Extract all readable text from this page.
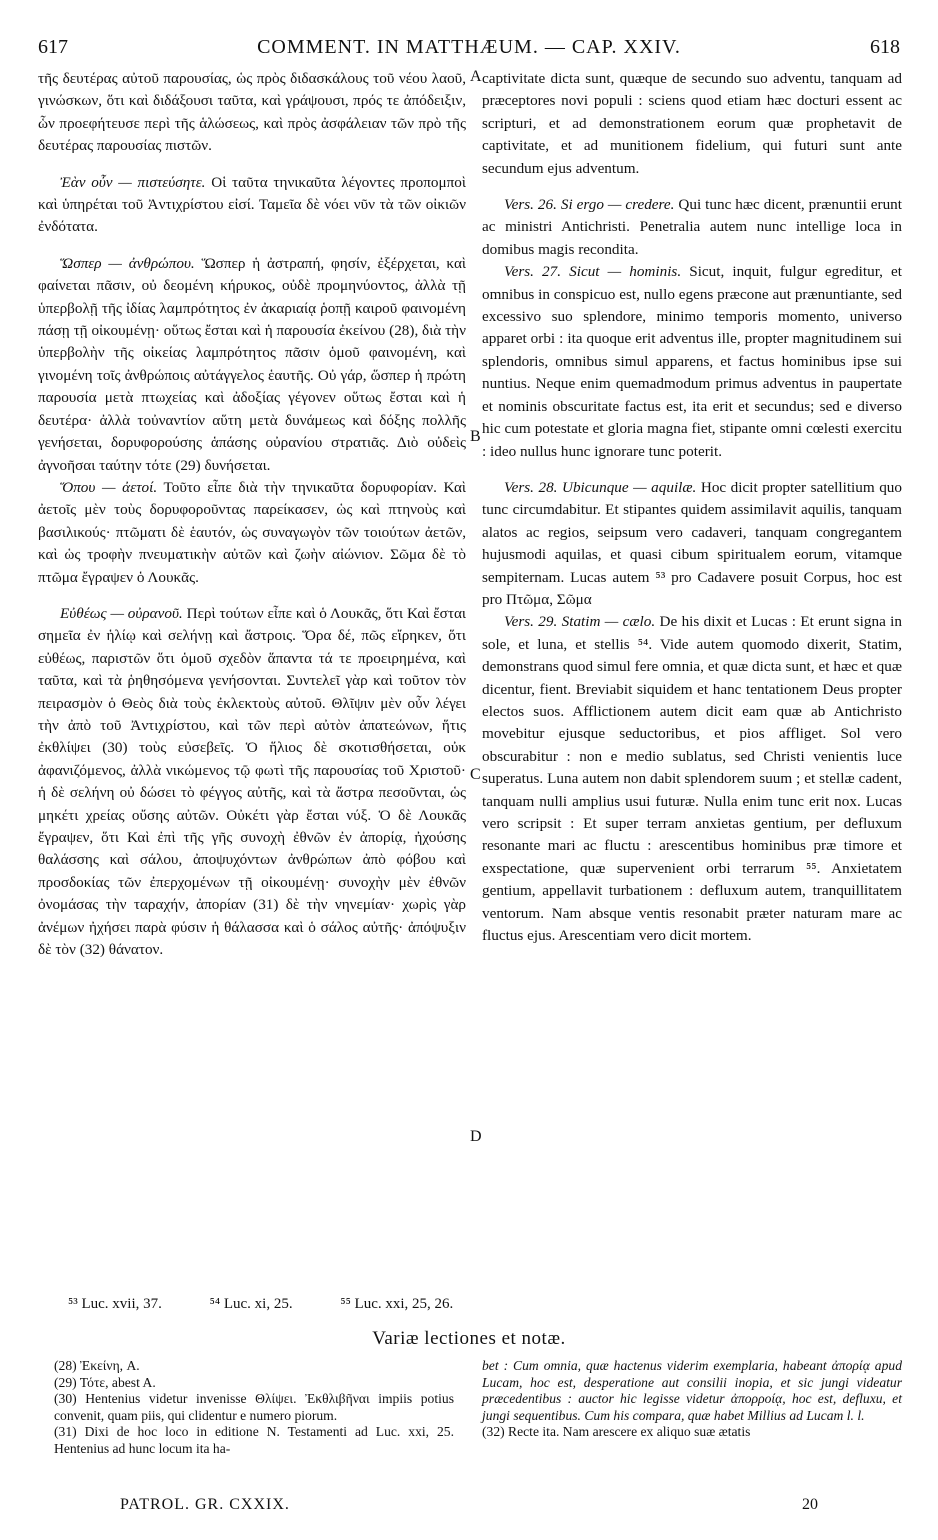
617	COMMENT. IN MATTHÆUM. — CAP. XXIV.	618
A
B
C
D

τῆς δευτέρας αὐτοῦ παρουσίας, ὡς πρὸς διδασκάλους τοῦ νέου λαοῦ, γινώσκων, ὅτι καὶ διδάξουσι ταῦτα, καὶ γράψουσι, πρός τε ἀπόδειξιν, ὧν προεφήτευσε περὶ τῆς ἁλώσεως, καὶ πρὸς ἀσφάλειαν τῶν πρὸ τῆς δευτέρας παρουσίας πιστῶν.

Ἐὰν οὖν — πιστεύσητε. Οἱ ταῦτα τηνικαῦτα λέγοντες προπομποὶ καὶ ὑπηρέται τοῦ Ἀντιχρίστου εἰσί. Ταμεῖα δὲ νόει νῦν τὰ τῶν οἰκιῶν ἐνδότατα.

Ὥσπερ — ἀνθρώπου. Ὥσπερ ἡ ἀστραπή, φησίν, ἐξέρχεται, καὶ φαίνεται πᾶσιν, οὐ δεομένη κήρυκος, οὐδὲ προμηνύοντος, ἀλλὰ τῇ ὑπερβολῇ τῆς ἰδίας λαμπρότητος ἐν ἀκαριαίᾳ ῥοπῇ καιροῦ φαινομένη πάσῃ τῇ οἰκουμένῃ· οὕτως ἔσται καὶ ἡ παρουσία ἐκείνου (28), διὰ τὴν ὑπερβολὴν τῆς οἰκείας λαμπρότητος πᾶσιν ὁμοῦ φαινομένη, καὶ γινομένη τοῖς ἀνθρώποις αὐτάγγελος ἑαυτῆς. Οὐ γάρ, ὥσπερ ἡ πρώτη παρουσία μετὰ πτωχείας καὶ ἀδοξίας γέγονεν οὕτως ἔσται καὶ ἡ δευτέρα· ἀλλὰ τοὐναντίον αὕτη μετὰ δυνάμεως καὶ δόξης πολλῆς γενήσεται, δορυφορούσης ἁπάσης οὐρανίου στρατιᾶς. Διὸ οὐδεὶς ἀγνοῆσαι ταύτην τότε (29) δυνήσεται.

Ὅπου — ἀετοί. Τοῦτο εἶπε διὰ τὴν τηνικαῦτα δορυφορίαν. Καὶ ἀετοῖς μὲν τοὺς δορυφοροῦντας παρείκασεν, ὡς καὶ πτηνοὺς καὶ βασιλικούς· πτῶματι δὲ ἑαυτόν, ὡς συναγωγὸν τῶν τοιούτων ἀετῶν, καὶ ὡς τροφὴν πνευματικὴν αὐτῶν καὶ ζωὴν αἰώνιον. Σῶμα δὲ τὸ πτῶμα ἔγραψεν ὁ Λουκᾶς.

Εὐθέως — οὐρανοῦ. Περὶ τούτων εἶπε καὶ ὁ Λουκᾶς, ὅτι Καὶ ἔσται σημεῖα ἐν ἡλίῳ καὶ σελήνῃ καὶ ἄστροις. Ὅρα δέ, πῶς εἴρηκεν, ὅτι εὐθέως, παριστῶν ὅτι ὁμοῦ σχεδὸν ἅπαντα τά τε προειρημένα, καὶ ταῦτα, καὶ τὰ ῥηθησόμενα γενήσονται. Συντελεῖ γὰρ καὶ τοῦτον τὸν πειρασμὸν ὁ Θεὸς διὰ τοὺς ἐκλεκτοὺς αὐτοῦ. Θλῖψιν μὲν οὖν λέγει τὴν ἀπὸ τοῦ Ἀντιχρίστου, καὶ τῶν περὶ αὐτὸν ἀπατεώνων, ἥτις ἐκθλίψει (30) τοὺς εὐσεβεῖς. Ὁ ἥλιος δὲ σκοτισθήσεται, οὐκ ἀφανιζόμενος, ἀλλὰ νικώμενος τῷ φωτὶ τῆς παρουσίας τοῦ Χριστοῦ· ἡ δὲ σελήνη οὐ δώσει τὸ φέγγος αὐτῆς, καὶ τὰ ἄστρα πεσοῦνται, ὡς μηκέτι χρείας οὔσης αὐτῶν. Οὐκέτι γὰρ ἔσται νύξ. Ὁ δὲ Λουκᾶς ἔγραψεν, ὅτι Καὶ ἐπὶ τῆς γῆς συνοχὴ ἐθνῶν ἐν ἀπορίᾳ, ἠχούσης θαλάσσης καὶ σάλου, ἀποψυχόντων ἀνθρώπων ἀπὸ φόβου καὶ προσδοκίας τῶν ἐπερχομένων τῇ οἰκουμένῃ· συνοχὴν μὲν ἐθνῶν ὀνομάσας τὴν ταραχήν, ἀπορίαν (31) δὲ τὴν νηνεμίαν· χωρὶς γὰρ ἀνέμων ἠχήσει παρὰ φύσιν ἡ θάλασσα καὶ ὁ σάλος αὐτῆς· ἀπόψυξιν δὲ τὸν (32) θάνατον.

captivitate dicta sunt, quæque de secundo suo adventu, tanquam ad præceptores novi populi : sciens quod etiam hæc docturi essent ac scripturi, et ad demonstrationem eorum quæ prophetavit de captivitate, et ad munitionem fidelium, qui futuri sunt ante secundum ejus adventum.

Vers. 26. Si ergo — credere. Qui tunc hæc dicent, prænuntii erunt ac ministri Antichristi. Penetralia autem nunc intellige loca in domibus magis recondita.

Vers. 27. Sicut — hominis. Sicut, inquit, fulgur egreditur, et omnibus in conspicuo est, nullo egens præcone aut prænuntiante, sed excessivo suo splendore, minimo temporis momento, universo apparet orbi : ita quoque erit adventus ille, propter magnitudinem sui splendoris, omnibus simul apparens, et factus hominibus ipse sui nuntius. Neque enim quemadmodum primus adventus in paupertate et nominis obscuritate factus est, ita erit et secundus; sed e diverso hic cum potestate et gloria magna fiet, stipante omni cœlesti exercitu : ideo nullus hunc ignorare tunc poterit.

Vers. 28. Ubicunque — aquilæ. Hoc dicit propter satellitium quo tunc circumdabitur. Et stipantes quidem assimilavit aquilis, tanquam alatos ac regios, seipsum vero cadaveri, tanquam congregantem hujusmodi aquilas, et quasi cibum spiritualem eorum, vitamque sempiternam. Lucas autem ⁵³ pro Cadavere posuit Corpus, hoc est pro Πτῶμα, Σῶμα

Vers. 29. Statim — cælo. De his dixit et Lucas : Et erunt signa in sole, et luna, et stellis ⁵⁴. Vide autem quomodo dixerit, Statim, demonstrans quod simul fere omnia, et quæ dicta sunt, et hæc et quæ dicentur, fient. Breviabit siquidem et hanc tentationem Deus propter electos suos. Afflictionem autem dicit eam quæ ab Antichristo movebitur ejusque seductoribus, et pios affliget. Sol vero obscurabitur : non e medio sublatus, sed Christi venientis luce superatus. Luna autem non dabit splendorem suum ; et stellæ cadent, tanquam nulli amplius usui futuræ. Nulla enim tunc erit nox. Lucas vero scripsit : Et super terram anxietas gentium, per defluxum resonante mari ac fluctu : arescentibus hominibus præ timore et exspectatione, quæ supervenient orbi terrarum ⁵⁵. Anxietatem gentium, appellavit turbationem : defluxum autem, tranquillitatem ventorum. Nam absque ventis resonabit præter naturam mare ac fluctus ejus. Arescentiam vero dicit mortem.

⁵³ Luc. xvii, 37.	⁵⁴ Luc. xi, 25.	⁵⁵ Luc. xxi, 25, 26.
Variæ lectiones et notæ.

(28) Ἐκείνη, A.

(29) Τότε, abest A.

(30) Hentenius videtur invenisse Θλίψει. Ἐκθλιβῆναι impiis potius convenit, quam piis, qui clidentur e numero piorum.

(31) Dixi de hoc loco in editione N. Testamenti ad Luc. xxi, 25. Hentenius ad hunc locum ita ha-

bet : Cum omnia, quæ hactenus viderim exemplaria, habeant ἀπορίᾳ apud Lucam, hoc est, desperatione aut consilii inopia, et sic jungi videatur præcedentibus : auctor hic legisse videtur ἀπορροίᾳ, hoc est, defluxu, et jungi sequentibus. Cum his compara, quæ habet Millius ad Lucam l. l.

(32) Recte ita. Nam arescere ex aliquo suæ ætatis

PATROL. GR. CXXIX.	20
